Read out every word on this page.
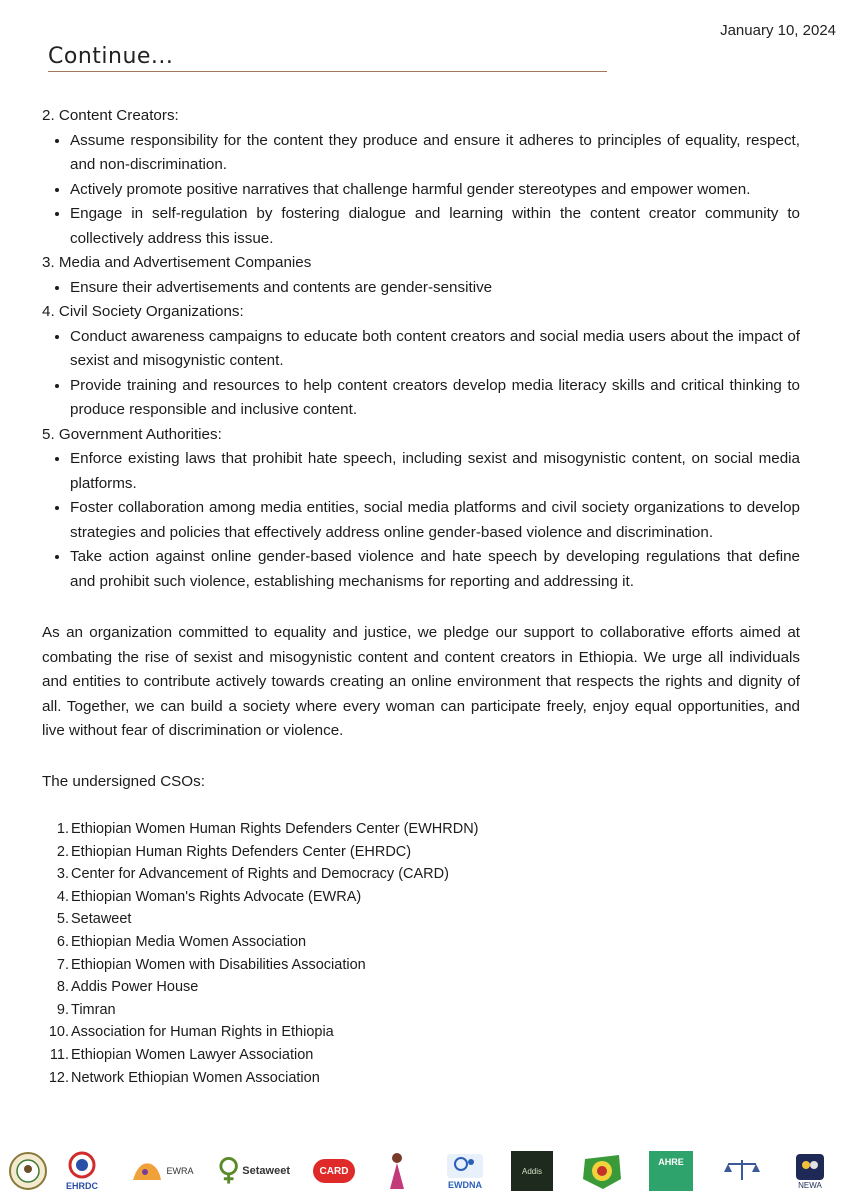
January 10, 2024
Continue...

2. Content Creators:

• Assume responsibility for the content they produce and ensure it adheres to principles of equality, respect, and non-discrimination.
• Actively promote positive narratives that challenge harmful gender stereotypes and empower women.
• Engage in self-regulation by fostering dialogue and learning within the content creator community to collectively address this issue.

3. Media and Advertisement Companies

• Ensure their advertisements and contents are gender-sensitive

4. Civil Society Organizations:

• Conduct awareness campaigns to educate both content creators and social media users about the impact of sexist and misogynistic content.
• Provide training and resources to help content creators develop media literacy skills and critical thinking to produce responsible and inclusive content.

5. Government Authorities:

• Enforce existing laws that prohibit hate speech, including sexist and misogynistic content, on social media platforms.
• Foster collaboration among media entities, social media platforms and civil society organizations to develop strategies and policies that effectively address online gender-based violence and discrimination.
• Take action against online gender-based violence and hate speech by developing regulations that define and prohibit such violence, establishing mechanisms for reporting and addressing it.

As an organization committed to equality and justice, we pledge our support to collaborative efforts aimed at combating the rise of sexist and misogynistic content and content creators in Ethiopia. We urge all individuals and entities to contribute actively towards creating an online environment that respects the rights and dignity of all. Together, we can build a society where every woman can participate freely, enjoy equal opportunities, and live without fear of discrimination or violence.

The undersigned CSOs:

1. Ethiopian Women Human Rights Defenders Center (EWHRDN)
2. Ethiopian Human Rights Defenders Center (EHRDC)
3. Center for Advancement of Rights and Democracy (CARD)
4. Ethiopian Woman's Rights Advocate (EWRA)
5. Setaweet
6. Ethiopian Media Women Association
7. Ethiopian Women with Disabilities Association
8. Addis Power House
9. Timran
10. Association for Human Rights in Ethiopia
11. Ethiopian Women Lawyer Association
12. Network Ethiopian Women Association
EHRDC
EWRA	Setaweet	CARD
EWDNA
Addis
AHRE
NEWA
